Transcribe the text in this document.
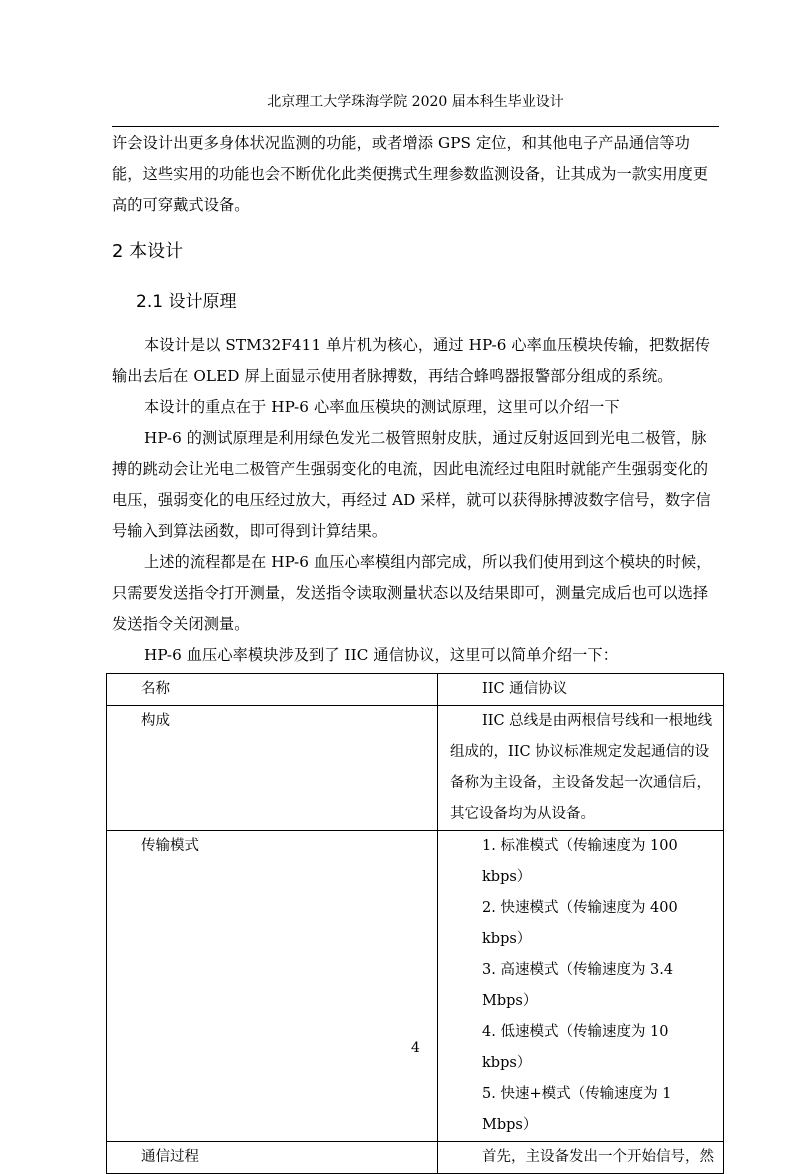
北京理工大学珠海学院 2020 届本科生毕业设计

许会设计出更多身体状况监测的功能，或者增添 GPS 定位，和其他电子产品通信等功能，这些实用的功能也会不断优化此类便携式生理参数监测设备，让其成为一款实用度更高的可穿戴式设备。

2 本设计
2.1 设计原理

本设计是以 STM32F411 单片机为核心，通过 HP-6 心率血压模块传输，把数据传输出去后在 OLED 屏上面显示使用者脉搏数，再结合蜂鸣器报警部分组成的系统。

本设计的重点在于 HP-6 心率血压模块的测试原理，这里可以介绍一下

HP-6 的测试原理是利用绿色发光二极管照射皮肤，通过反射返回到光电二极管，脉搏的跳动会让光电二极管产生强弱变化的电流，因此电流经过电阻时就能产生强弱变化的电压，强弱变化的电压经过放大，再经过 AD 采样，就可以获得脉搏波数字信号，数字信号输入到算法函数，即可得到计算结果。

上述的流程都是在 HP-6 血压心率模组内部完成，所以我们使用到这个模块的时候，只需要发送指令打开测量，发送指令读取测量状态以及结果即可，测量完成后也可以选择发送指令关闭测量。

HP-6 血压心率模块涉及到了 IIC 通信协议，这里可以简单介绍一下：

名称	IIC 通信协议

构成	IIC 总线是由两根信号线和一根地线组成的，IIC 协议标准规定发起通信的设备称为主设备，主设备发起一次通信后，其它设备均为从设备。

传输模式	1. 标准模式（传输速度为 100 kbps）
2. 快速模式（传输速度为 400 kbps）
3. 高速模式（传输速度为 3.4 Mbps）
4. 低速模式（传输速度为 10 kbps）
5. 快速+模式（传输速度为 1 Mbps）

通信过程	首先，主设备发出一个开始信号，然
4
